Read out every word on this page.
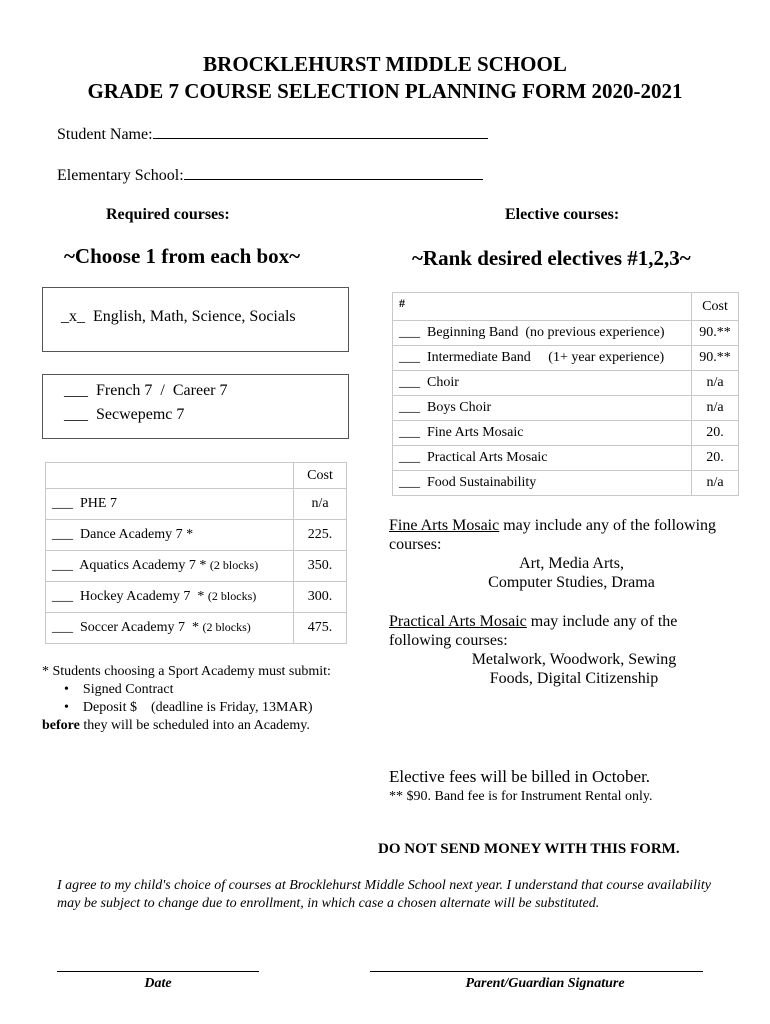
BROCKLEHURST MIDDLE SCHOOL
GRADE 7 COURSE SELECTION PLANNING FORM 2020-2021
Student Name:
Elementary School:
Required courses:	Elective courses:
~Choose 1 from each box~	~Rank desired electives #1,2,3~
_x_ English, Math, Science, Socials
___ French 7  /  Career 7
___ Secwepemc 7
	Cost
___ PHE 7	n/a
___ Dance Academy 7 *	225.
___ Aquatics Academy 7 * (2 blocks)	350.
___ Hockey Academy 7  * (2 blocks)	300.
___ Soccer Academy 7  * (2 blocks)	475.
* Students choosing a Sport Academy must submit:
•    Signed Contract
•    Deposit $    (deadline is Friday, 13MAR)
before they will be scheduled into an Academy.
#	Cost
___ Beginning Band  (no previous experience)	90.**
___ Intermediate Band     (1+ year experience)	90.**
___ Choir	n/a
___ Boys Choir	n/a
___ Fine Arts Mosaic	20.
___ Practical Arts Mosaic	20.
___ Food Sustainability	n/a
Fine Arts Mosaic may include any of the following courses:
Art, Media Arts,
Computer Studies, Drama
Practical Arts Mosaic may include any of the following courses:
Metalwork, Woodwork, Sewing
Foods, Digital Citizenship
Elective fees will be billed in October.
** $90. Band fee is for Instrument Rental only.
DO NOT SEND MONEY WITH THIS FORM.
I agree to my child's choice of courses at Brocklehurst Middle School next year. I understand that course availability may be subject to change due to enrollment, in which case a chosen alternate will be substituted.
Date	Parent/Guardian Signature
